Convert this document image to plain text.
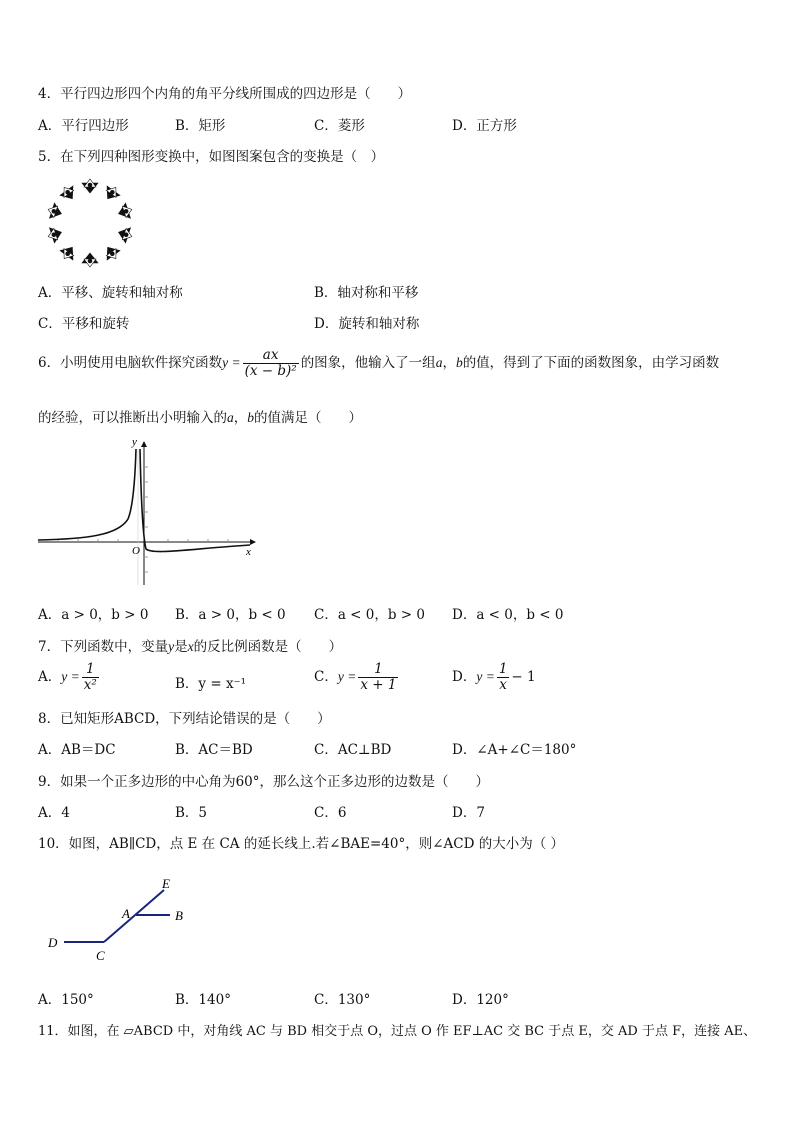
4．平行四边形四个内角的角平分线所围成的四边形是（　　）
A．平行四边形	B．矩形	C．菱形	D．正方形
5．在下列四种图形变换中，如图图案包含的变换是（　）
A．平移、旋转和轴对称	B．轴对称和平移
C．平移和旋转	D．旋转和轴对称
6．小明使用电脑软件探究函数$y = \frac{ax}{\text{(x − b)²}}$ 的图象，他输入了一组a，b的值，得到了下面的函数图象，由学习函数
的经验，可以推断出小明输入的a，b的值满足（　　）
y
x
O
A．a > 0，b > 0 B．a > 0，b < 0 C．a < 0，b > 0 D．a < 0，b < 0
7．下列函数中，变量y是x的反比例函数是（　　）
A．$y = \frac{1}{\text{x²}}$	B．y = x⁻¹	C．$y = \frac{1}{x + 1}$	D．$y = \frac{1}{x} - 1$
8．已知矩形ABCD，下列结论错误的是（　　）
A．AB＝DC	B．AC＝BD	C．AC⊥BD	D．∠A+∠C＝180°
9．如果一个正多边形的中心角为60°，那么这个正多边形的边数是（　　）
A．4	B．5	C．6	D．7
10．如图，AB∥CD，点 E 在 CA 的延长线上.若∠BAE=40°，则∠ACD 的大小为（ ）
E
A	B
D
C
A．150°	B．140°	C．130°	D．120°
11．如图，在 ▱ABCD 中，对角线 AC 与 BD 相交于点 O，过点 O 作 EF⊥AC 交 BC 于点 E，交 AD 于点 F，连接 AE、
